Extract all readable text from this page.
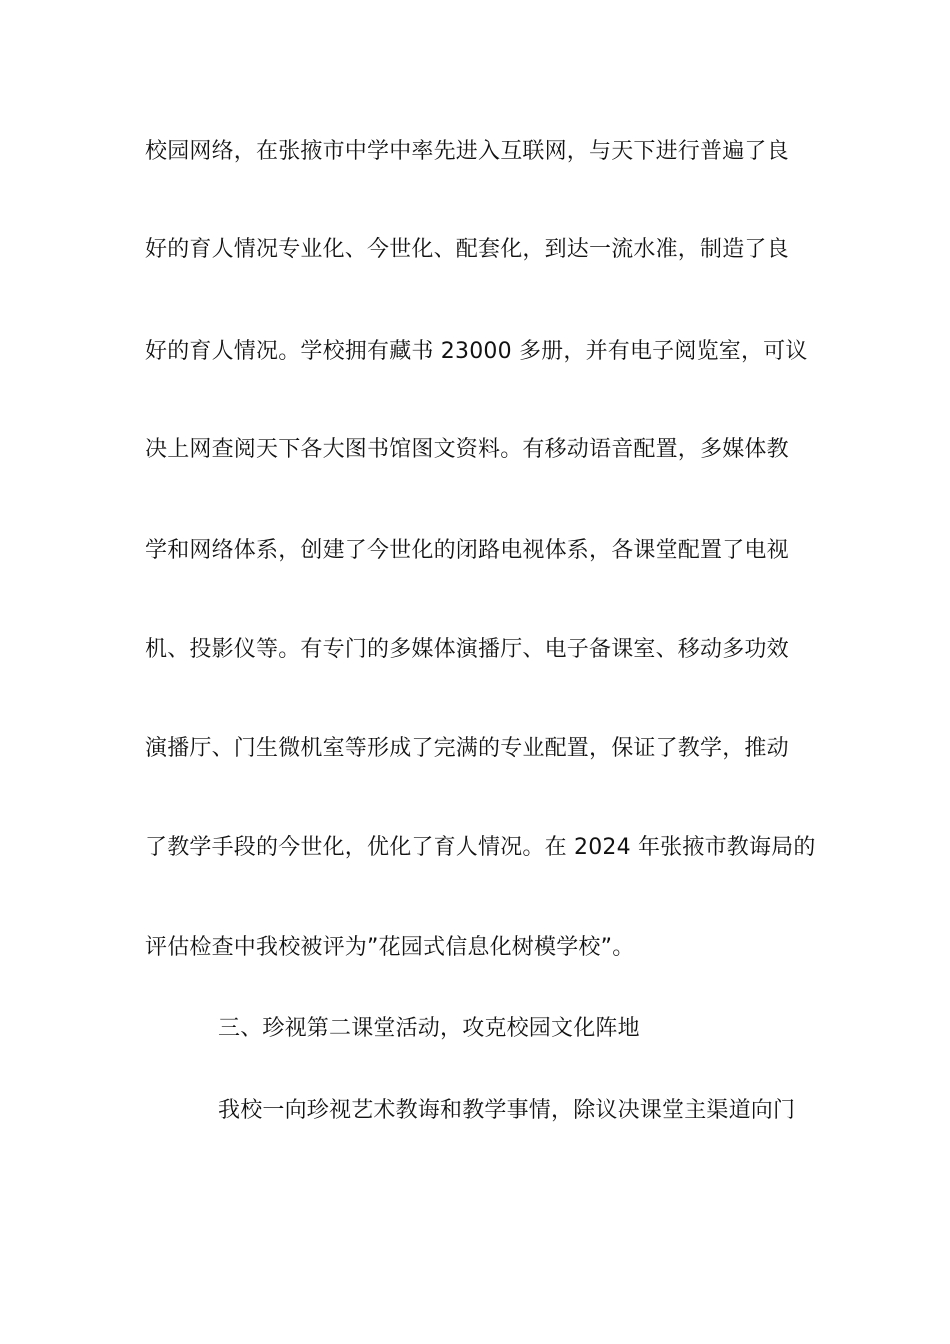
校园网络，在张掖市中学中率先进入互联网，与天下进行普遍了良
好的育人情况专业化、今世化、配套化，到达一流水准，制造了良
好的育人情况。学校拥有藏书 23000 多册，并有电子阅览室，可议
决上网查阅天下各大图书馆图文资料。有移动语音配置，多媒体教
学和网络体系，创建了今世化的闭路电视体系，各课堂配置了电视
机、投影仪等。有专门的多媒体演播厅、电子备课室、移动多功效
演播厅、门生微机室等形成了完满的专业配置，保证了教学，推动
了教学手段的今世化，优化了育人情况。在 2024 年张掖市教诲局的
评估检查中我校被评为”花园式信息化树模学校”。
三、珍视第二课堂活动，攻克校园文化阵地
我校一向珍视艺术教诲和教学事情，除议决课堂主渠道向门
